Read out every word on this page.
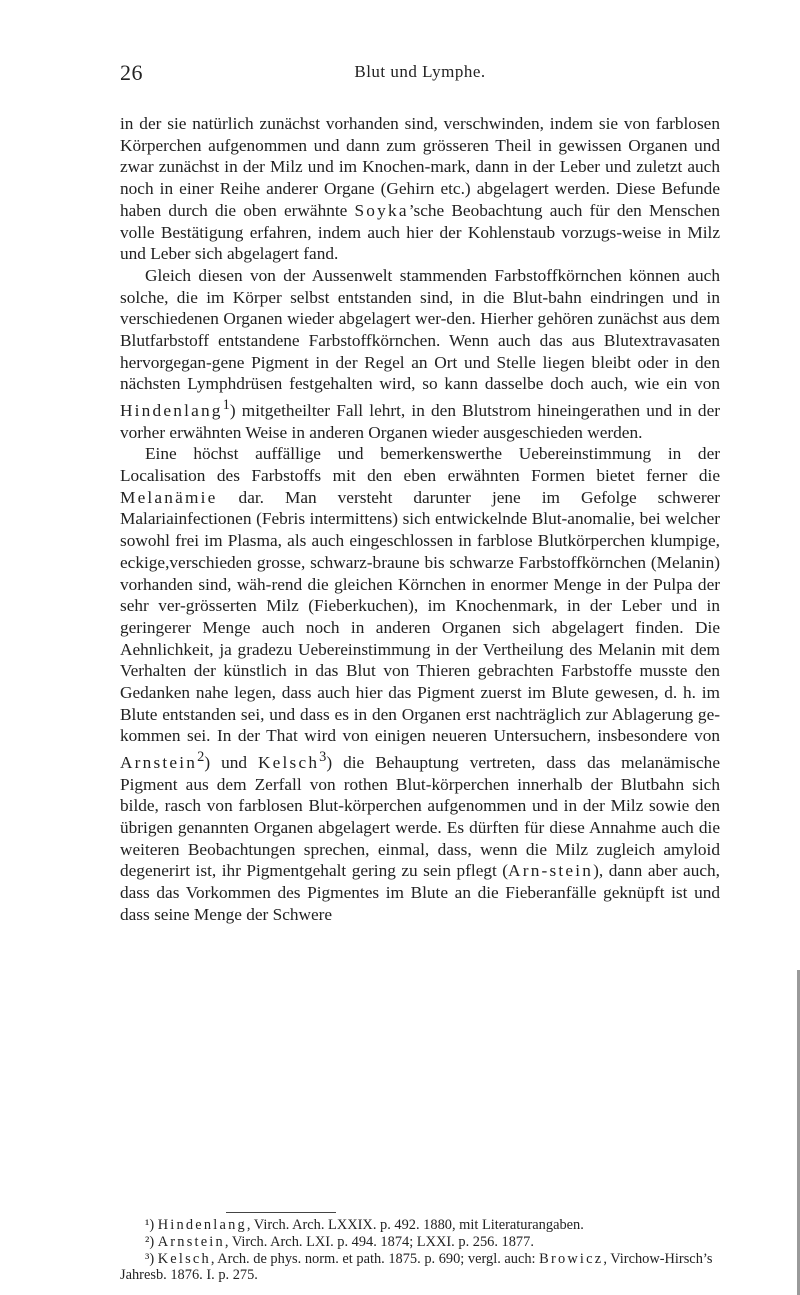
26	Blut und Lymphe.

in der sie natürlich zunächst vorhanden sind, verschwinden, indem sie von farblosen Körperchen aufgenommen und dann zum grösseren Theil in gewissen Organen und zwar zunächst in der Milz und im Knochen-mark, dann in der Leber und zuletzt auch noch in einer Reihe anderer Organe (Gehirn etc.) abgelagert werden. Diese Befunde haben durch die oben erwähnte Soyka’sche Beobachtung auch für den Menschen volle Bestätigung erfahren, indem auch hier der Kohlenstaub vorzugs-weise in Milz und Leber sich abgelagert fand.

Gleich diesen von der Aussenwelt stammenden Farbstoffkörnchen können auch solche, die im Körper selbst entstanden sind, in die Blut-bahn eindringen und in verschiedenen Organen wieder abgelagert wer-den. Hierher gehören zunächst aus dem Blutfarbstoff entstandene Farbstoffkörnchen. Wenn auch das aus Blutextravasaten hervorgegan-gene Pigment in der Regel an Ort und Stelle liegen bleibt oder in den nächsten Lymphdrüsen festgehalten wird, so kann dasselbe doch auch, wie ein von Hindenlang$^1$) mitgetheilter Fall lehrt, in den Blutstrom hineingerathen und in der vorher erwähnten Weise in anderen Organen wieder ausgeschieden werden.

Eine höchst auffällige und bemerkenswerthe Uebereinstimmung in der Localisation des Farbstoffs mit den eben erwähnten Formen bietet ferner die Melanämie dar. Man versteht darunter jene im Gefolge schwerer Malariainfectionen (Febris intermittens) sich entwickelnde Blut-anomalie, bei welcher sowohl frei im Plasma, als auch eingeschlossen in farblose Blutkörperchen klumpige, eckige,verschieden grosse, schwarz-braune bis schwarze Farbstoffkörnchen (Melanin) vorhanden sind, wäh-rend die gleichen Körnchen in enormer Menge in der Pulpa der sehr ver-grösserten Milz (Fieberkuchen), im Knochenmark, in der Leber und in geringerer Menge auch noch in anderen Organen sich abgelagert finden. Die Aehnlichkeit, ja gradezu Uebereinstimmung in der Vertheilung des Melanin mit dem Verhalten der künstlich in das Blut von Thieren gebrachten Farbstoffe musste den Gedanken nahe legen, dass auch hier das Pigment zuerst im Blute gewesen, d. h. im Blute entstanden sei, und dass es in den Organen erst nachträglich zur Ablagerung ge-kommen sei. In der That wird von einigen neueren Untersuchern, insbesondere von Arnstein$^2$) und Kelsch$^3$) die Behauptung vertreten, dass das melanämische Pigment aus dem Zerfall von rothen Blut-körperchen innerhalb der Blutbahn sich bilde, rasch von farblosen Blut-körperchen aufgenommen und in der Milz sowie den übrigen genannten Organen abgelagert werde. Es dürften für diese Annahme auch die weiteren Beobachtungen sprechen, einmal, dass, wenn die Milz zugleich amyloid degenerirt ist, ihr Pigmentgehalt gering zu sein pflegt (Arn-stein), dann aber auch, dass das Vorkommen des Pigmentes im Blute an die Fieberanfälle geknüpft ist und dass seine Menge der Schwere

¹) Hindenlang, Virch. Arch. LXXIX. p. 492. 1880, mit Literaturangaben.

²) Arnstein, Virch. Arch. LXI. p. 494. 1874; LXXI. p. 256. 1877.

³) Kelsch, Arch. de phys. norm. et path. 1875. p. 690; vergl. auch: Browicz, Virchow-Hirsch’s Jahresb. 1876. I. p. 275.
